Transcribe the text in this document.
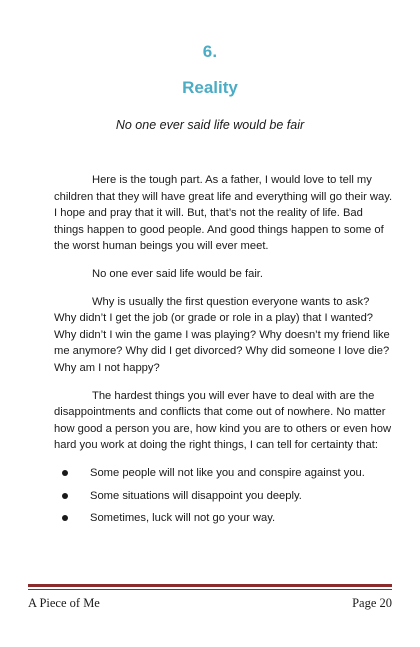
6.
Reality
No one ever said life would be fair

Here is the tough part. As a father, I would love to tell my children that they will have great life and everything will go their way. I hope and pray that it will. But, that’s not the reality of life. Bad things happen to good people. And good things happen to some of the worst human beings you will ever meet.

No one ever said life would be fair.

Why is usually the first question everyone wants to ask? Why didn’t I get the job (or grade or role in a play) that I wanted? Why didn’t I win the game I was playing? Why doesn’t my friend like me anymore? Why did I get divorced? Why did someone I love die? Why am I not happy?

The hardest things you will ever have to deal with are the disappointments and conflicts that come out of nowhere. No matter how good a person you are, how kind you are to others or even how hard you work at doing the right things, I can tell for certainty that:

Some people will not like you and conspire against you.
Some situations will disappoint you deeply.
Sometimes, luck will not go your way.
A Piece of Me	Page 20
